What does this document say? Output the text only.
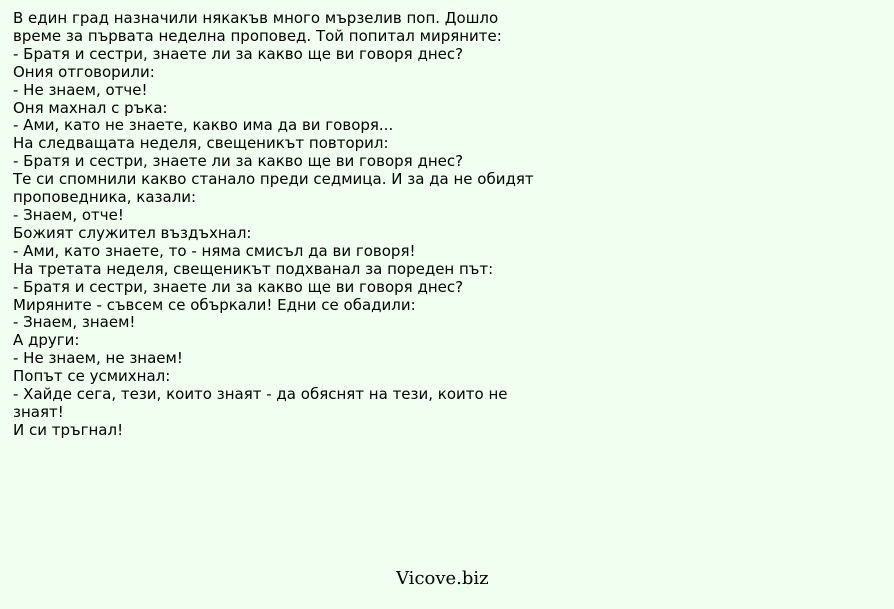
В един град назначили някакъв много мързелив поп. Дошло
време за първата неделна проповед. Той попитал миряните:
- Братя и сестри, знаете ли за какво ще ви говоря днес?
Ония отговорили:
- Не знаем, отче!
Оня махнал с ръка:
- Ами, като не знаете, какво има да ви говоря...
На следващата неделя, свещеникът повторил:
- Братя и сестри, знаете ли за какво ще ви говоря днес?
Те си спомнили какво станало преди седмица. И за да не обидят
проповедника, казали:
- Знаем, отче!
Божият служител въздъхнал:
- Ами, като знаете, то - няма смисъл да ви говоря!
На третата неделя, свещеникът подхванал за пореден път:
- Братя и сестри, знаете ли за какво ще ви говоря днес?
Миряните - съвсем се объркали! Едни се обадили:
- Знаем, знаем!
А други:
- Не знаем, не знаем!
Попът се усмихнал:
- Хайде сега, тези, които знаят - да обяснят на тези, които не
знаят!
И си тръгнал!
Vicove.biz
